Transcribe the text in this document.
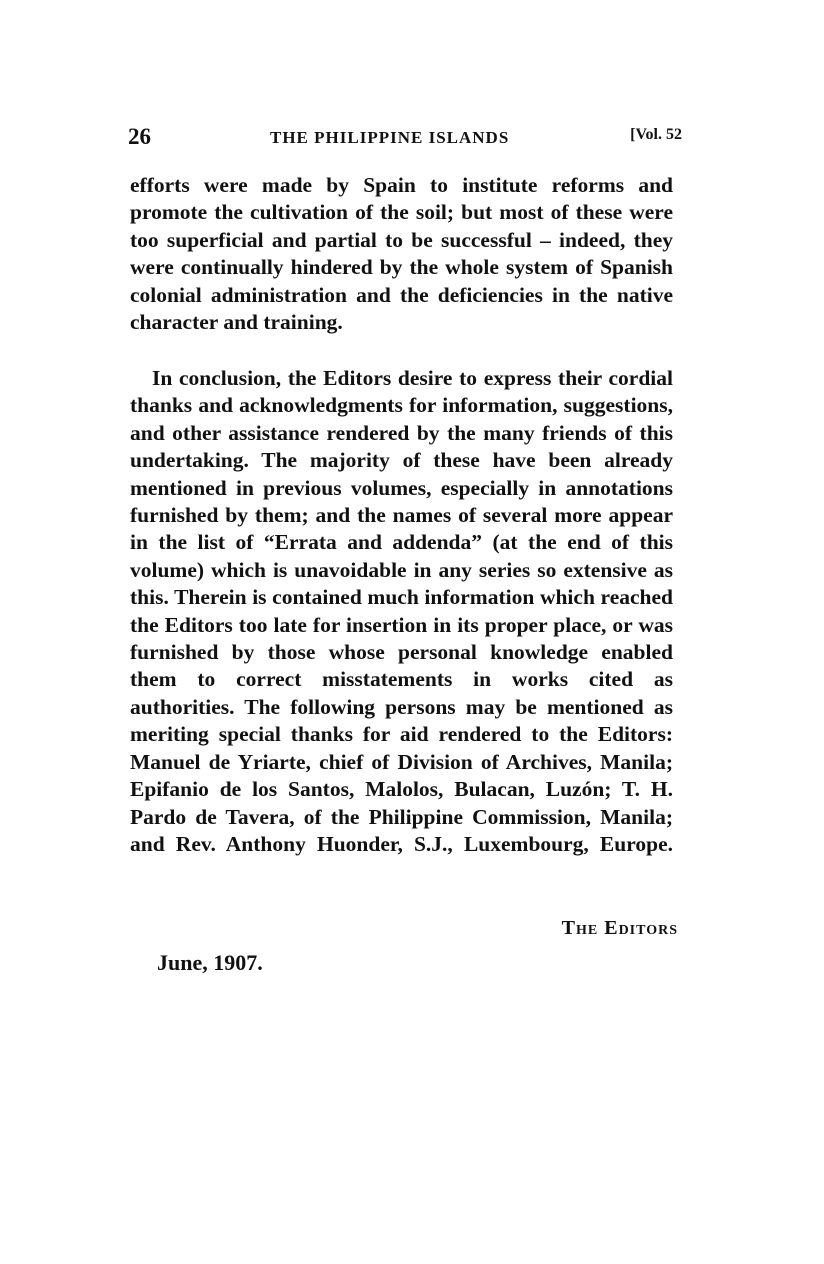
26	THE PHILIPPINE ISLANDS	[Vol. 52

efforts were made by Spain to institute reforms and promote the cultivation of the soil; but most of these were too superficial and partial to be successful – indeed, they were continually hindered by the whole system of Spanish colonial administration and the deficiencies in the native character and training.

In conclusion, the Editors desire to express their cordial thanks and acknowledgments for information, suggestions, and other assistance rendered by the many friends of this undertaking. The majority of these have been already mentioned in previous volumes, especially in annotations furnished by them; and the names of several more appear in the list of “Errata and addenda” (at the end of this volume) which is unavoidable in any series so extensive as this. Therein is contained much information which reached the Editors too late for insertion in its proper place, or was furnished by those whose personal knowledge enabled them to correct misstatements in works cited as authorities. The following persons may be mentioned as meriting special thanks for aid rendered to the Editors: Manuel de Yriarte, chief of Division of Archives, Manila; Epifanio de los Santos, Malolos, Bulacan, Luzón; T. H. Pardo de Tavera, of the Philippine Commission, Manila; and Rev. Anthony Huonder, S.J., Luxembourg, Europe.

The Editors
June, 1907.
